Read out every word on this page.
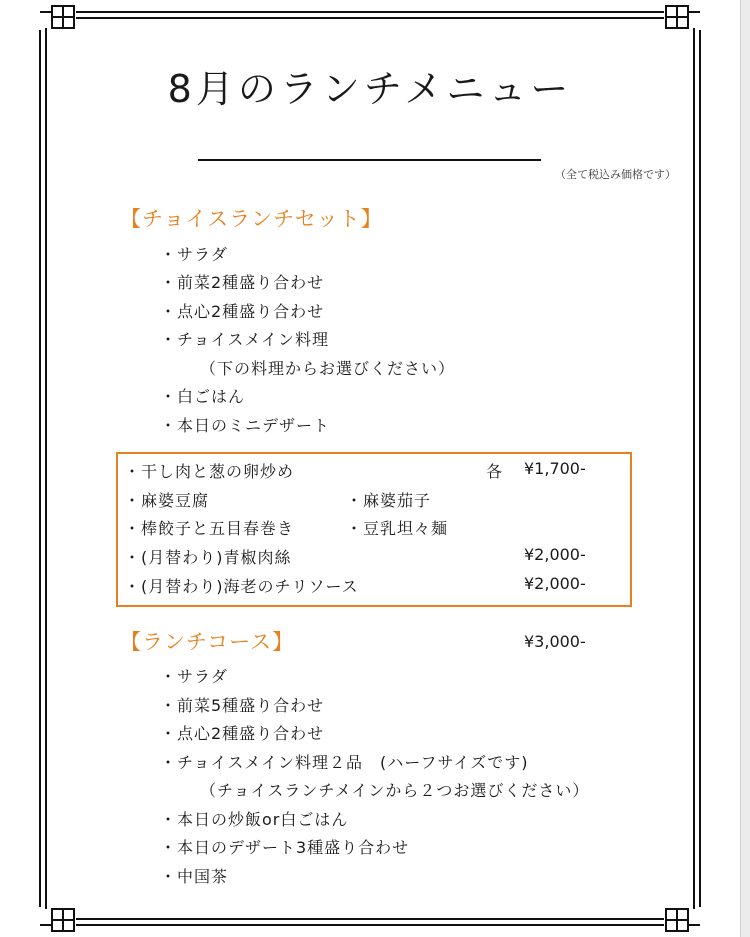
8月のランチメニュー
（全て税込み価格です）
【チョイスランチセット】
・サラダ
・前菜2種盛り合わせ
・点心2種盛り合わせ
・チョイスメイン料理
（下の料理からお選びください）
・白ごはん
・本日のミニデザート
・干し肉と葱の卵炒め	各 ¥1,700-
・麻婆豆腐	・麻婆茄子
・棒餃子と五目春巻き	・豆乳坦々麺
・(月替わり)青椒肉絲	¥2,000-
・(月替わり)海老のチリソース	¥2,000-
【ランチコース】	¥3,000-
・サラダ
・前菜5種盛り合わせ
・点心2種盛り合わせ
・チョイスメイン料理２品　(ハーフサイズです)
（チョイスランチメインから２つお選びください）
・本日の炒飯or白ごはん
・本日のデザート3種盛り合わせ
・中国茶
